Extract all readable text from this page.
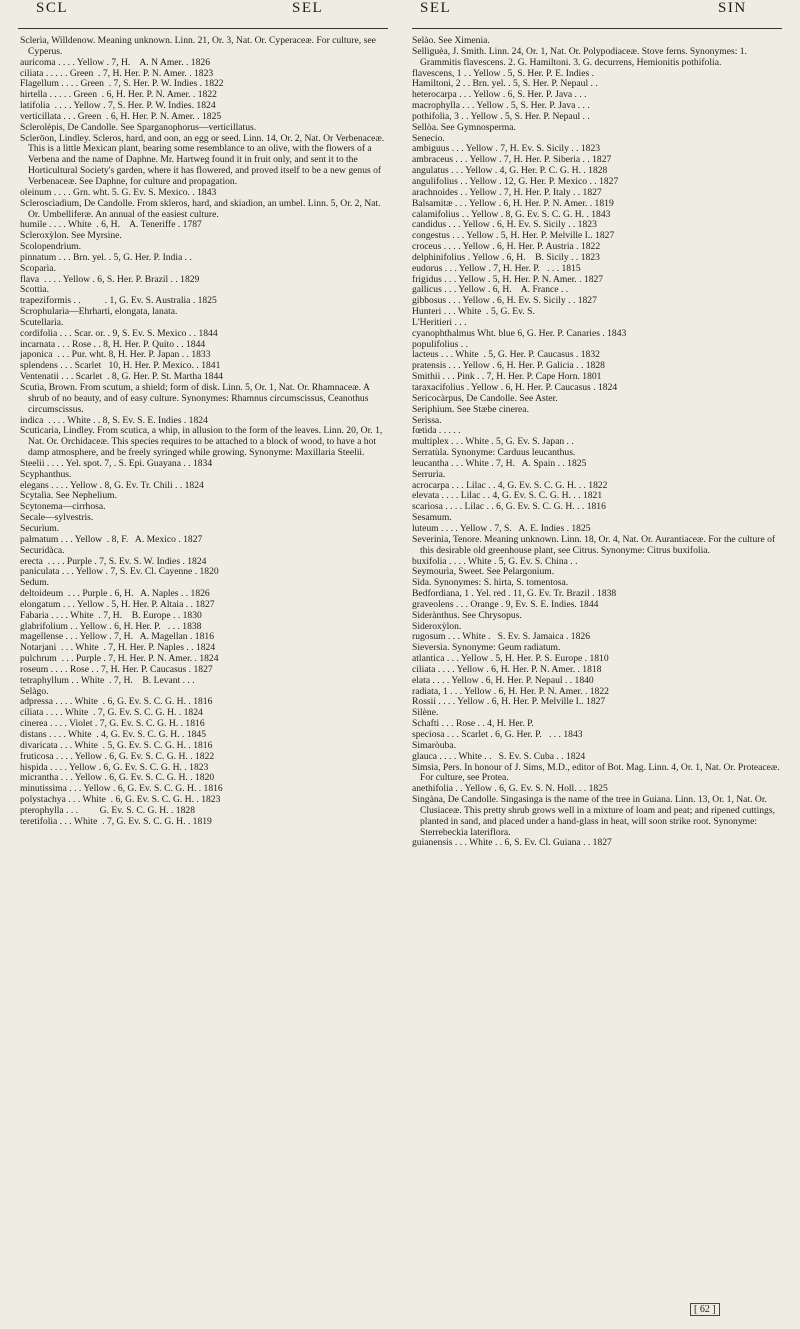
SCL	SEL	SEL	SIN

Sclerìa, Willdenow. Meaning unknown. Linn. 21, Or. 3, Nat. Or. Cyperaceæ. For culture, see Cyperus.

auricoma . . . . Yellow . 7, H.    A. N Amer. . 1826

ciliata . . . . . Green  . 7, H. Her. P. N. Amer. . 1823

Flagellum . . . . Green  . 7, S. Her. P. W. Indies . 1822

hirtella . . . . . Green  . 6, H. Her. P. N. Amer. . 1822

latifolia  . . . . Yellow . 7, S. Her. P. W. Indies. 1824

verticillata . . . Green  . 6, H. Her. P. N. Amer. . 1825

Sclerolèpis, De Candolle. See Sparganophorus—verticillatus.

Sclerōon, Lindley. Scleros, hard, and oon, an egg or seed. Linn. 14, Or. 2, Nat. Or Verbenaceæ. This is a little Mexican plant, bearing some resemblance to an olive, with the flowers of a Verbena and the name of Daphne. Mr. Hartweg found it in fruit only, and sent it to the Horticultural Society's garden, where it has flowered, and proved itself to be a new genus of Verbenaceæ. See Daphne, for culture and propagation.

oleinum . . . . Grn. wht. 5. G. Ev. S. Mexico. . 1843

Scleroscìadìum, De Candolle. From skleros, hard, and skiadion, an umbel. Linn. 5, Or. 2, Nat. Or. Umbelliferæ. An annual of the easiest culture.

humile . . . . White  . 6, H.    A. Teneriffe . 1787

Scleroxỳlon. See Myrsine.

Scolopendrìum.

pinnatum . . . Brn. yel. . 5, G. Her. P. India . .

Scoparìa.

flava  . . . . Yellow . 6, S. Her. P. Brazil . . 1829

Scottìa.

trapeziformis . .          . 1, G. Ev. S. Australia . 1825

Scrophularìa—Ehrharti, elongata, lanata.

Scutellarìa.

cordifolia . . . Scar. or. . 9, S. Ev. S. Mexico . . 1844

incarnata . . . Rose . . 8, H. Her. P. Quito . . 1844

japonica  . . . Pur. wht. 8, H. Her. P. Japan . . 1833

splendens . . . Scarlet   10, H. Her. P. Mexico. . 1841

Ventenatii . . . Scarlet  . 8, G. Her. P. St. Martha 1844

Scutìa, Brown. From scutum, a shield; form of disk. Linn. 5, Or. 1, Nat. Or. Rhamnaceæ. A shrub of no beauty, and of easy culture. Synonymes: Rhamnus circumscissus, Ceanothus circumscissus.

indica  . . . . White . . 8, S. Ev. S. E. Indies . 1824

Scuticarìa, Lindley. From scutica, a whip, in allusion to the form of the leaves. Linn. 20, Or. 1, Nat. Or. Orchidaceæ. This species requires to be attached to a block of wood, to have a hot damp atmosphere, and be freely syringed while growing. Synonyme: Maxillaria Steelii.

Steelii . . . . Yel. spot. 7, . S. Epi. Guayana . . 1834

Scyphanthus.

elegans . . . . Yellow . 8, G. Ev. Tr. Chili . . 1824

Scytalìa. See Nephelium.

Scytonema—cirrhosa.

Secale—sylvestris.

Securìum.

palmatum . . . Yellow  . 8, F.   A. Mexico . 1827

Securidàca.

erecta  . . . . Purple . 7, S. Ev. S. W. Indies . 1824

paniculata . . . Yellow . 7, S. Ev. Cl. Cayenne . 1820

Sedum.

deltoideum  . . . Purple . 6, H.   A. Naples . . 1826

elongatum . . . Yellow . 5, H. Her. P. Altaia . . 1827

Fabaria . . . . White  . 7, H.    B. Europe . . 1830

glabrifolium . . Yellow . 6, H. Her. P.   . . . 1838

magellense . . . Yellow . 7, H.   A. Magellan . 1816

Notarjani  . . . White  . 7, H. Her. P. Naples . . 1824

pulchrum  . . . Purple . 7, H. Her. P. N. Amer. . 1824

roseum . . . . Rose . . 7, H. Her. P. Caucasus . 1827

tetraphyllum . . White  . 7, H.    B. Levant . . .

Selàgo.

adpressa . . . . White  . 6, G. Ev. S. C. G. H. . 1816

ciliata . . . . White  . 7, G. Ev. S. C. G. H. . 1824

cinerea . . . . Violet . 7, G. Ev. S. C. G. H. . 1816

distans . . . . White  . 4, G. Ev. S. C. G. H. . 1845

divaricata . . . White  . 5, G. Ev. S. C. G. H. . 1816

fruticosa . . . . Yellow . 6, G. Ev. S. C. G. H. . 1822

hispida . . . . Yellow . 6, G. Ev. S. C. G. H. . 1823

micrantha . . . Yellow . 6, G. Ev. S. C. G. H. . 1820

minutissima . . . Yellow . 6, G. Ev. S. C. G. H. . 1816

polystachya . . . White  . 6, G. Ev. S. C. G. H. . 1823

pterophylla . . .         G. Ev. S. C. G. H. . 1828

teretifolia . . . White  . 7, G. Ev. S. C. G. H. . 1819

Selào. See Ximenia.

Selliguèa, J. Smith. Linn. 24, Or. 1, Nat. Or. Polypodiaceæ. Stove ferns. Synonymes: 1. Grammitis flavescens. 2. G. Hamiltoni. 3. G. decurrens, Hemionitis pothifolia.

flavescens, 1 . . Yellow . 5, S. Her. P. E. Indies .

Hamiltoni, 2 . . Brn. yel. . 5, S. Her. P. Nepaul . .

heterocarpa . . . Yellow . 6, S. Her. P. Java . . .

macrophylla . . . Yellow . 5, S. Her. P. Java . . .

pothifolia, 3 . . Yellow . 5, S. Her. P. Nepaul . .

Sellòa. See Gymnosperma.

Senecio.

ambiguus . . . Yellow . 7, H. Ev. S. Sicily . . 1823

ambraceus . . . Yellow . 7, H. Her. P. Siberia . . 1827

angulatus . . . Yellow . 4, G. Her. P. C. G. H. . 1828

angulifolius . . Yellow . 12, G. Her. P. Mexico . . 1827

arachnoides . . Yellow . 7, H. Her. P. Italy . . 1827

Balsamitæ . . . Yellow . 6, H. Her. P. N. Amer. . 1819

calamifolius . . Yellow . 8, G. Ev. S. C. G. H. . 1843

candidus . . . Yellow . 6, H. Ev. S. Sicily . . 1823

congestus . . . Yellow . 5, H. Her. P. Melville I.. 1827

croceus . . . . Yellow . 6, H. Her. P. Austria . 1822

delphinifolius . Yellow . 6, H.    B. Sicily . . 1823

eudorus . . . Yellow . 7, H. Her. P.   . . . 1815

frigidus . . . Yellow . 5, H. Her. P. N. Amer. . 1827

gallicus . . . Yellow . 6, H.    A. France . .

gibbosus . . . Yellow . 6, H. Ev. S. Sicily . . 1827

Hunteri . . . White  . 5, G. Ev. S.

L'Heritieri . . .

cyanophthalmus Wht. blue 6, G. Her. P. Canaries . 1843

populifolius . .

lacteus . . . White  . 5, G. Her. P. Caucasus . 1832

pratensis . . . Yellow . 6, H. Her. P. Galicia . . 1828

Smithii . . . Pink . . 7, H. Her. P. Cape Horn. 1801

taraxacifolius . Yellow . 6, H. Her. P. Caucasus . 1824

Sericocàrpus, De Candolle. See Aster.

Seriphìum. See Stæbe cinerea.

Serìssa.

fœtida . . . . .

multiplex . . . White . 5, G. Ev. S. Japan . .

Serratùla. Synonyme: Carduus leucanthus.

leucantha . . . White . 7, H.   A. Spain . . 1825

Serrurìa.

acrocarpa . . . Lilac . . 4, G. Ev. S. C. G. H. . . 1822

elevata . . . . Lilac . . 4, G. Ev. S. C. G. H. . . 1821

scariosa . . . . Lilac . . 6, G. Ev. S. C. G. H. . . 1816

Sesamum.

luteum . . . . Yellow . 7, S.   A. E. Indies . 1825

Severinìa, Tenore. Meaning unknown. Linn. 18, Or. 4, Nat. Or. Aurantiaceæ. For the culture of this desirable old greenhouse plant, see Citrus. Synonyme: Citrus buxifolia.

buxifolia . . . . White . 5, G. Ev. S. China . .

Seymourìa, Sweet. See Pelargonium.

Sìda. Synonymes: S. hirta, S. tomentosa.

Bedfordiana, 1 . Yel. red . 11, G. Ev. Tr. Brazil . 1838

graveolens . . . Orange . 9, Ev. S. E. Indies. 1844

Siderànthus. See Chrysopus.

Sideroxỳlon.

rugosum . . . White .   S. Ev. S. Jamaica . 1826

Sieversìa. Synonyme: Geum radiatum.

atlantica . . . Yellow . 5, H. Her. P. S. Europe . 1810

ciliata . . . . Yellow . 6, H. Her. P. N. Amer. . 1818

elata . . . . Yellow . 6, H. Her. P. Nepaul . . 1840

radiata, 1 . . . Yellow . 6, H. Her. P. N. Amer. . 1822

Rossii . . . . Yellow . 6, H. Her. P. Melville I.. 1827

Silène.

Schafti . . . Rose . . 4, H. Her. P.

speciosa . . . Scarlet . 6, G. Her. P.   . . . 1843

Simaròuba.

glauca . . . . White . .   S. Ev. S. Cuba . . 1824

Simsìa, Pers. In honour of J. Sims, M.D., editor of Bot. Mag. Linn. 4, Or. 1, Nat. Or. Proteaceæ. For culture, see Protea.

anethifolia . . Yellow . 6, G. Ev. S. N. Holl. . . 1825

Singàna, De Candolle. Singasinga is the name of the tree in Guiana. Linn. 13, Or. 1, Nat. Or. Clusiaceæ. This pretty shrub grows well in a mixture of loam and peat; and ripened cuttings, planted in sand, and placed under a hand-glass in heat, will soon strike root. Synonyme: Sterrebeckia lateriflora.

guianensis . . . White . . 6, S. Ev. Cl. Guiana . . 1827

[ 62 ]
